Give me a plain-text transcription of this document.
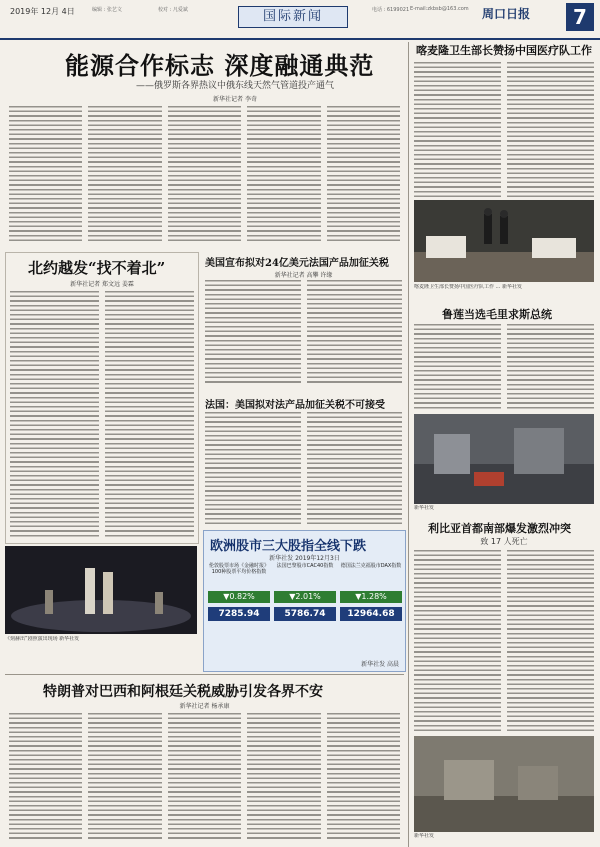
2019年 12月 4日	编辑 : 张艺文	校对 : 凡爱斌	国际新闻	电话 : 6199021 E-mail:zkbsb@163.com 周口日报	7
能源合作标志 深度融通典范
——俄罗斯各界热议中俄东线天然气管道投产通气
新华社记者 李奇
喀麦隆卫生部长赞扬中国医疗队工作
喀麦隆卫生部长赞扬中国医疗队工作 ... 新华社发
北约越发“找不着北”
新华社记者 郑文远 姜霖
美国宣布拟对24亿美元法国产品加征关税
新华社记者 高攀 许缘
法国：美国拟对法产品加征关税不可接受
《刻赫出”剧照演出现场 新华社发
欧洲股市三大股指全线下跌
新华社发 2019年12月3日
伦敦股票市场《金融时报》100种股票平均价格指数
▼0.82%
7285.94
法国巴黎股市CAC40指数
▼2.01%
5786.74
德国法兰克福股市DAX指数
▼1.28%
12964.68
新华社发 高晨
鲁莲当选毛里求斯总统
新华社发
利比亚首都南部爆发激烈冲突
致 17 人死亡
新华社发
特朗普对巴西和阿根廷关税威胁引发各界不安
新华社记者 杨承康
